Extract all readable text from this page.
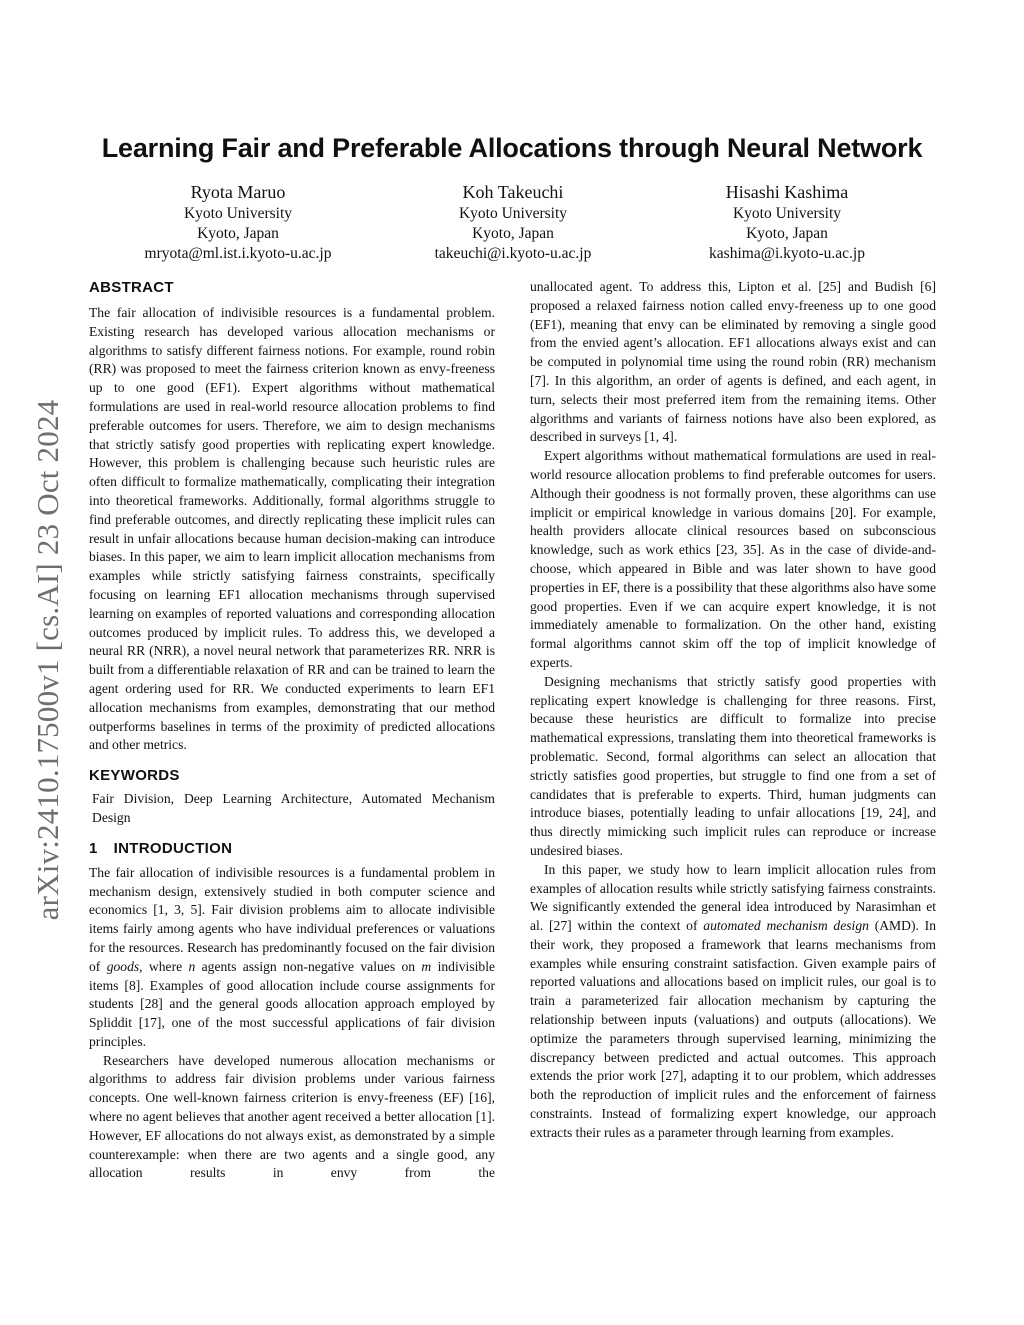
arXiv:2410.17500v1 [cs.AI] 23 Oct 2024
Learning Fair and Preferable Allocations through Neural Network
Ryota Maruo
Kyoto University
Kyoto, Japan
mryota@ml.ist.i.kyoto-u.ac.jp
Koh Takeuchi
Kyoto University
Kyoto, Japan
takeuchi@i.kyoto-u.ac.jp
Hisashi Kashima
Kyoto University
Kyoto, Japan
kashima@i.kyoto-u.ac.jp
ABSTRACT

The fair allocation of indivisible resources is a fundamental problem. Existing research has developed various allocation mechanisms or algorithms to satisfy different fairness notions. For example, round robin (RR) was proposed to meet the fairness criterion known as envy-freeness up to one good (EF1). Expert algorithms without mathematical formulations are used in real-world resource allocation problems to find preferable outcomes for users. Therefore, we aim to design mechanisms that strictly satisfy good properties with replicating expert knowledge. However, this problem is challenging because such heuristic rules are often difficult to formalize mathematically, complicating their integration into theoretical frameworks. Additionally, formal algorithms struggle to find preferable outcomes, and directly replicating these implicit rules can result in unfair allocations because human decision-making can introduce biases. In this paper, we aim to learn implicit allocation mechanisms from examples while strictly satisfying fairness constraints, specifically focusing on learning EF1 allocation mechanisms through supervised learning on examples of reported valuations and corresponding allocation outcomes produced by implicit rules. To address this, we developed a neural RR (NRR), a novel neural network that parameterizes RR. NRR is built from a differentiable relaxation of RR and can be trained to learn the agent ordering used for RR. We conducted experiments to learn EF1 allocation mechanisms from examples, demonstrating that our method outperforms baselines in terms of the proximity of predicted allocations and other metrics.

KEYWORDS

Fair Division, Deep Learning Architecture, Automated Mechanism Design

1 INTRODUCTION

The fair allocation of indivisible resources is a fundamental problem in mechanism design, extensively studied in both computer science and economics [1, 3, 5]. Fair division problems aim to allocate indivisible items fairly among agents who have individual preferences or valuations for the resources. Research has predominantly focused on the fair division of goods, where n agents assign non-negative values on m indivisible items [8]. Examples of good allocation include course assignments for students [28] and the general goods allocation approach employed by Spliddit [17], one of the most successful applications of fair division principles.

Researchers have developed numerous allocation mechanisms or algorithms to address fair division problems under various fairness concepts. One well-known fairness criterion is envy-freeness (EF) [16], where no agent believes that another agent received a better allocation [1]. However, EF allocations do not always exist, as demonstrated by a simple counterexample: when there are two agents and a single good, any allocation results in envy from the

unallocated agent. To address this, Lipton et al. [25] and Budish [6] proposed a relaxed fairness notion called envy-freeness up to one good (EF1), meaning that envy can be eliminated by removing a single good from the envied agent’s allocation. EF1 allocations always exist and can be computed in polynomial time using the round robin (RR) mechanism [7]. In this algorithm, an order of agents is defined, and each agent, in turn, selects their most preferred item from the remaining items. Other algorithms and variants of fairness notions have also been explored, as described in surveys [1, 4].

Expert algorithms without mathematical formulations are used in real-world resource allocation problems to find preferable outcomes for users. Although their goodness is not formally proven, these algorithms can use implicit or empirical knowledge in various domains [20]. For example, health providers allocate clinical resources based on subconscious knowledge, such as work ethics [23, 35]. As in the case of divide-and-choose, which appeared in Bible and was later shown to have good properties in EF, there is a possibility that these algorithms also have some good properties. Even if we can acquire expert knowledge, it is not immediately amenable to formalization. On the other hand, existing formal algorithms cannot skim off the top of implicit knowledge of experts.

Designing mechanisms that strictly satisfy good properties with replicating expert knowledge is challenging for three reasons. First, because these heuristics are difficult to formalize into precise mathematical expressions, translating them into theoretical frameworks is problematic. Second, formal algorithms can select an allocation that strictly satisfies good properties, but struggle to find one from a set of candidates that is preferable to experts. Third, human judgments can introduce biases, potentially leading to unfair allocations [19, 24], and thus directly mimicking such implicit rules can reproduce or increase undesired biases.

In this paper, we study how to learn implicit allocation rules from examples of allocation results while strictly satisfying fairness constraints. We significantly extended the general idea introduced by Narasimhan et al. [27] within the context of automated mechanism design (AMD). In their work, they proposed a framework that learns mechanisms from examples while ensuring constraint satisfaction. Given example pairs of reported valuations and allocations based on implicit rules, our goal is to train a parameterized fair allocation mechanism by capturing the relationship between inputs (valuations) and outputs (allocations). We optimize the parameters through supervised learning, minimizing the discrepancy between predicted and actual outcomes. This approach extends the prior work [27], adapting it to our problem, which addresses both the reproduction of implicit rules and the enforcement of fairness constraints. Instead of formalizing expert knowledge, our approach extracts their rules as a parameter through learning from examples.
